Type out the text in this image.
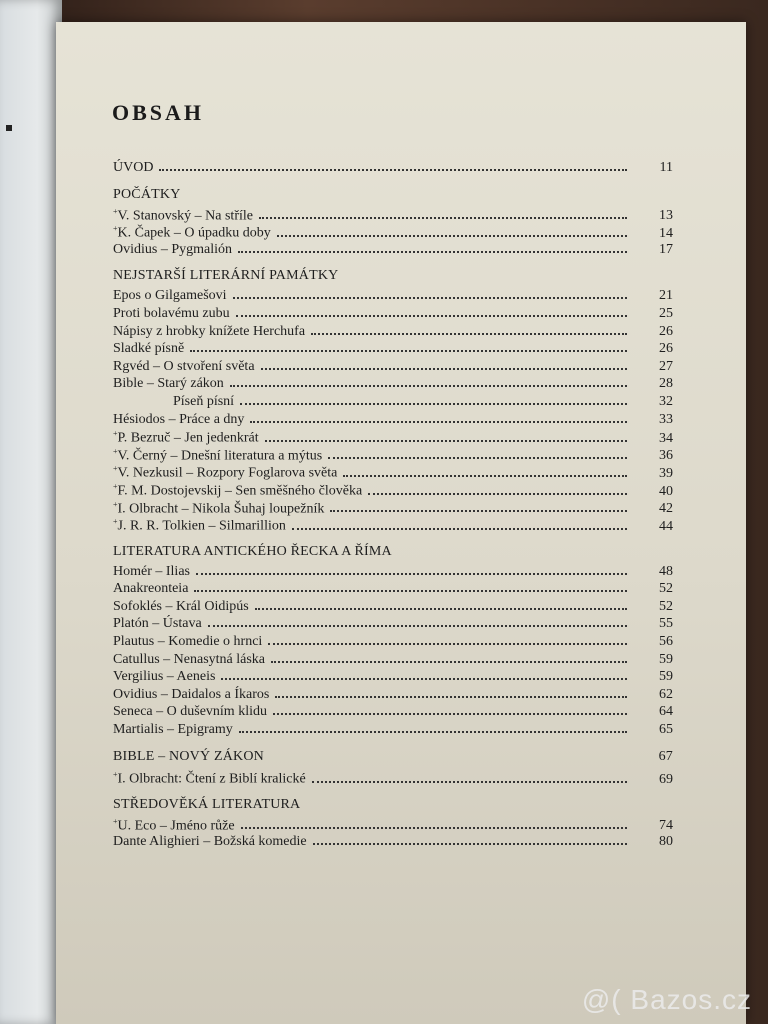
OBSAH
ÚVOD	11
POČÁTKY
+V. Stanovský – Na stříle	13
+K. Čapek – O úpadku doby	14
Ovidius – Pygmalión	17
NEJSTARŠÍ LITERÁRNÍ PAMÁTKY
Epos o Gilgamešovi	21
Proti bolavému zubu	25
Nápisy z hrobky knížete Herchufa	26
Sladké písně	26
Rgvéd – O stvoření světa	27
Bible – Starý zákon	28
Píseň písní	32
Hésiodos – Práce a dny	33
+P. Bezruč – Jen jedenkrát	34
+V. Černý – Dnešní literatura a mýtus	36
+V. Nezkusil – Rozpory Foglarova světa	39
+F. M. Dostojevskij – Sen směšného člověka	40
+I. Olbracht – Nikola Šuhaj loupežník	42
+J. R. R. Tolkien – Silmarillion	44
LITERATURA ANTICKÉHO ŘECKA A ŘÍMA
Homér – Ilias	48
Anakreonteia	52
Sofoklés – Král Oidipús	52
Platón – Ústava	55
Plautus – Komedie o hrnci	56
Catullus – Nenasytná láska	59
Vergilius – Aeneis	59
Ovidius – Daidalos a Íkaros	62
Seneca – O duševním klidu	64
Martialis – Epigramy	65
BIBLE – NOVÝ ZÁKON	67
+I. Olbracht: Čtení z Biblí kralické	69
STŘEDOVĚKÁ LITERATURA
+U. Eco – Jméno růže	74
Dante Alighieri – Božská komedie	80
@( Bazos.cz
